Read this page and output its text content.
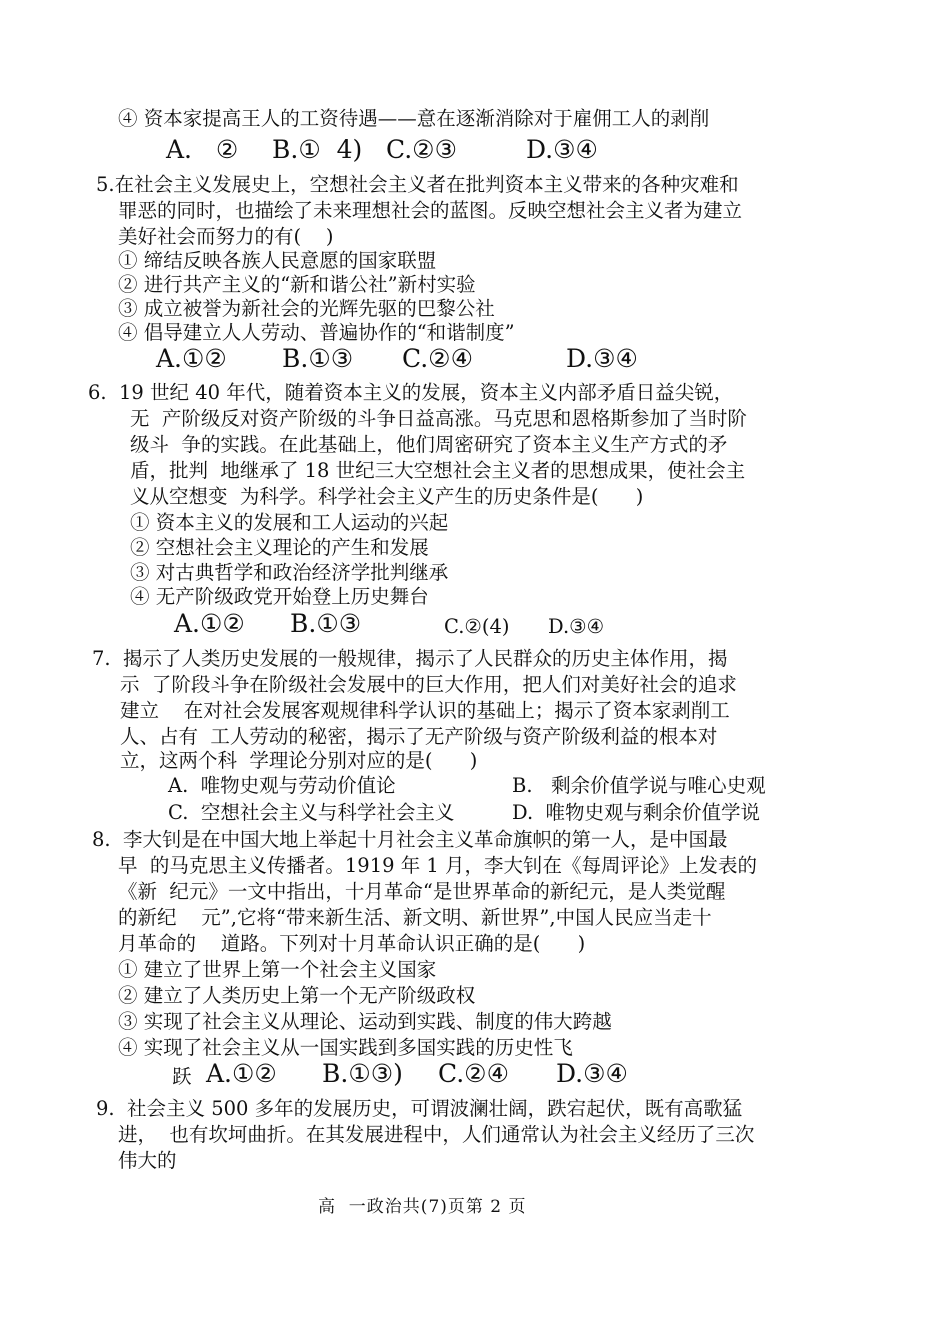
④ 资本家提高王人的工资待遇——意在逐渐消除对于雇佣工人的剥削
A.   ② B.①  4) C.②③	D.③④
5.在社会主义发展史上，空想社会主义者在批判资本主义带来的各种灾难和
罪恶的同时，也描绘了未来理想社会的蓝图。反映空想社会主义者为建立
美好社会而努力的有(    )
① 缔结反映各族人民意愿的国家联盟
② 进行共产主义的“新和谐公社”新村实验
③ 成立被誉为新社会的光辉先驱的巴黎公社
④ 倡导建立人人劳动、普遍协作的“和谐制度”
A.①② B.①③ C.②④	D.③④
6.  19 世纪 40 年代，随着资本主义的发展，资本主义内部矛盾日益尖锐，
无  产阶级反对资产阶级的斗争日益高涨。马克思和恩格斯参加了当时阶
级斗  争的实践。在此基础上，他们周密研究了资本主义生产方式的矛
盾，批判  地继承了 18 世纪三大空想社会主义者的思想成果，使社会主
义从空想变  为科学。科学社会主义产生的历史条件是(      )
① 资本主义的发展和工人运动的兴起
② 空想社会主义理论的产生和发展
③ 对古典哲学和政治经济学批判继承
④ 无产阶级政党开始登上历史舞台
A.①② B.①③	C.②(4) D.③④
7.  揭示了人类历史发展的一般规律，揭示了人民群众的历史主体作用，揭
示  了阶段斗争在阶级社会发展中的巨大作用，把人们对美好社会的追求
建立    在对社会发展客观规律科学认识的基础上；揭示了资本家剥削工
人、占有  工人劳动的秘密，揭示了无产阶级与资产阶级利益的根本对
立，这两个科  学理论分别对应的是(      )
A.  唯物史观与劳动价值论	B.   剩余价值学说与唯心史观
C.  空想社会主义与科学社会主义	D.  唯物史观与剩余价值学说
8.  李大钊是在中国大地上举起十月社会主义革命旗帜的第一人，是中国最
早  的马克思主义传播者。1919 年 1 月，李大钊在《每周评论》上发表的
《新  纪元》一文中指出，十月革命“是世界革命的新纪元，是人类觉醒
的新纪    元”,它将“带来新生活、新文明、新世界”,中国人民应当走十
月革命的    道路。下列对十月革命认识正确的是(      )
① 建立了世界上第一个社会主义国家
② 建立了人类历史上第一个无产阶级政权
③ 实现了社会主义从理论、运动到实践、制度的伟大跨越
④ 实现了社会主义从一国实践到多国实践的历史性飞
跃 A.①② B.①③) C.②④ D.③④
9.  社会主义 500 多年的发展历史，可谓波澜壮阔，跌宕起伏，既有高歌猛
进，  也有坎坷曲折。在其发展进程中，人们通常认为社会主义经历了三次
伟大的
高  一政治共(7)页第 2 页
